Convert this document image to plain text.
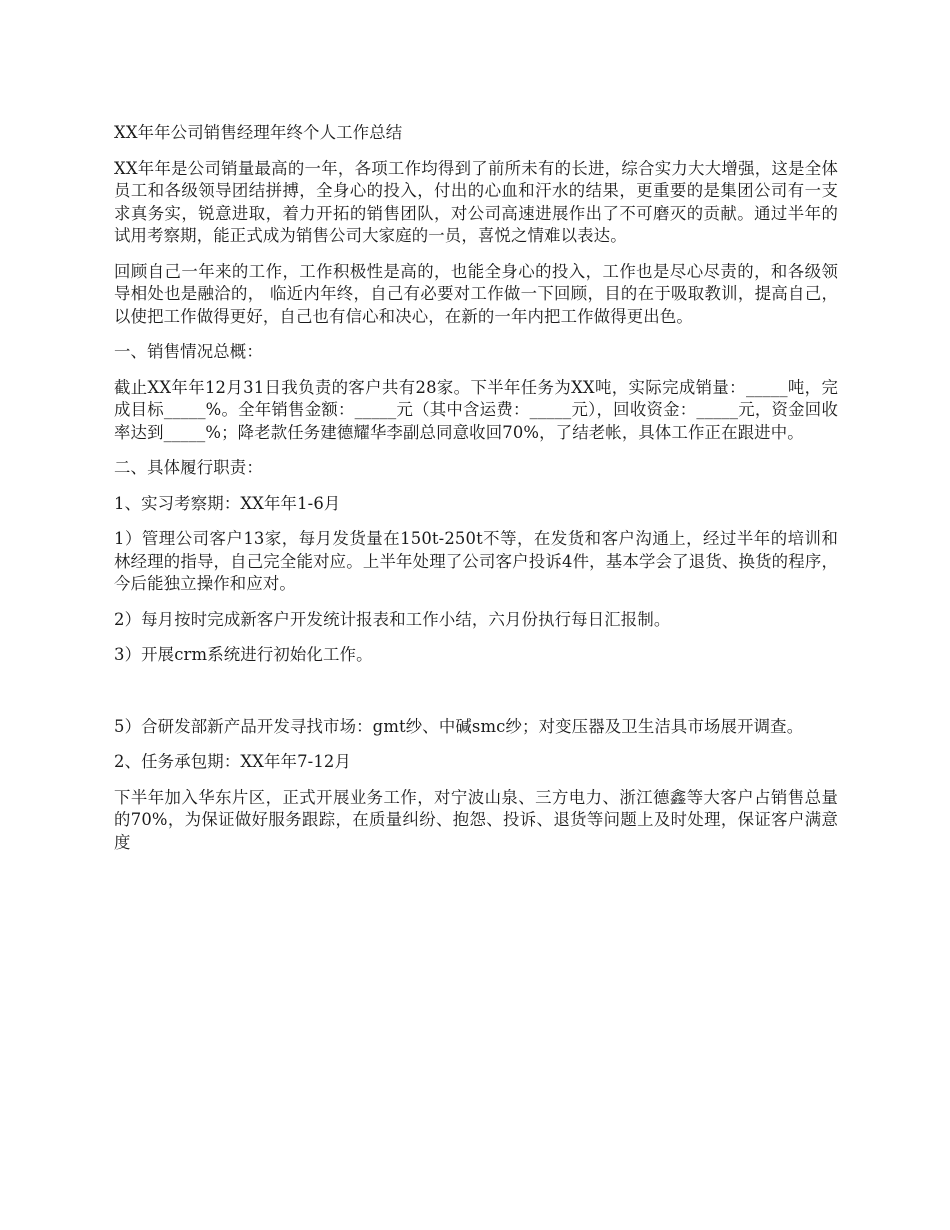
XX年年公司销售经理年终个人工作总结

XX年年是公司销量最高的一年，各项工作均得到了前所未有的长进，综合实力大大增强，这是全体员工和各级领导团结拼搏，全身心的投入，付出的心血和汗水的结果，更重要的是集团公司有一支求真务实，锐意进取，着力开拓的销售团队，对公司高速进展作出了不可磨灭的贡献。通过半年的试用考察期，能正式成为销售公司大家庭的一员，喜悦之情难以表达。

回顾自己一年来的工作，工作积极性是高的，也能全身心的投入，工作也是尽心尽责的，和各级领导相处也是融洽的， 临近内年终，自己有必要对工作做一下回顾，目的在于吸取教训，提高自己，以使把工作做得更好，自己也有信心和决心，在新的一年内把工作做得更出色。

一、销售情况总概：

截止XX年年12月31日我负责的客户共有28家。下半年任务为XX吨，实际完成销量：_____吨，完成目标_____%。全年销售金额：_____元（其中含运费：_____元），回收资金：_____元，资金回收率达到_____%；降老款任务建德耀华李副总同意收回70%，了结老帐，具体工作正在跟进中。

二、具体履行职责：

1、实习考察期：XX年年1-6月

1）管理公司客户13家，每月发货量在150t-250t不等，在发货和客户沟通上，经过半年的培训和林经理的指导，自己完全能对应。上半年处理了公司客户投诉4件，基本学会了退货、换货的程序，今后能独立操作和应对。

2）每月按时完成新客户开发统计报表和工作小结，六月份执行每日汇报制。

3）开展crm系统进行初始化工作。

5）合研发部新产品开发寻找市场：gmt纱、中碱smc纱；对变压器及卫生洁具市场展开调查。

2、任务承包期：XX年年7-12月

下半年加入华东片区，正式开展业务工作，对宁波山泉、三方电力、浙江德鑫等大客户占销售总量的70%，为保证做好服务跟踪，在质量纠纷、抱怨、投诉、退货等问题上及时处理，保证客户满意度
